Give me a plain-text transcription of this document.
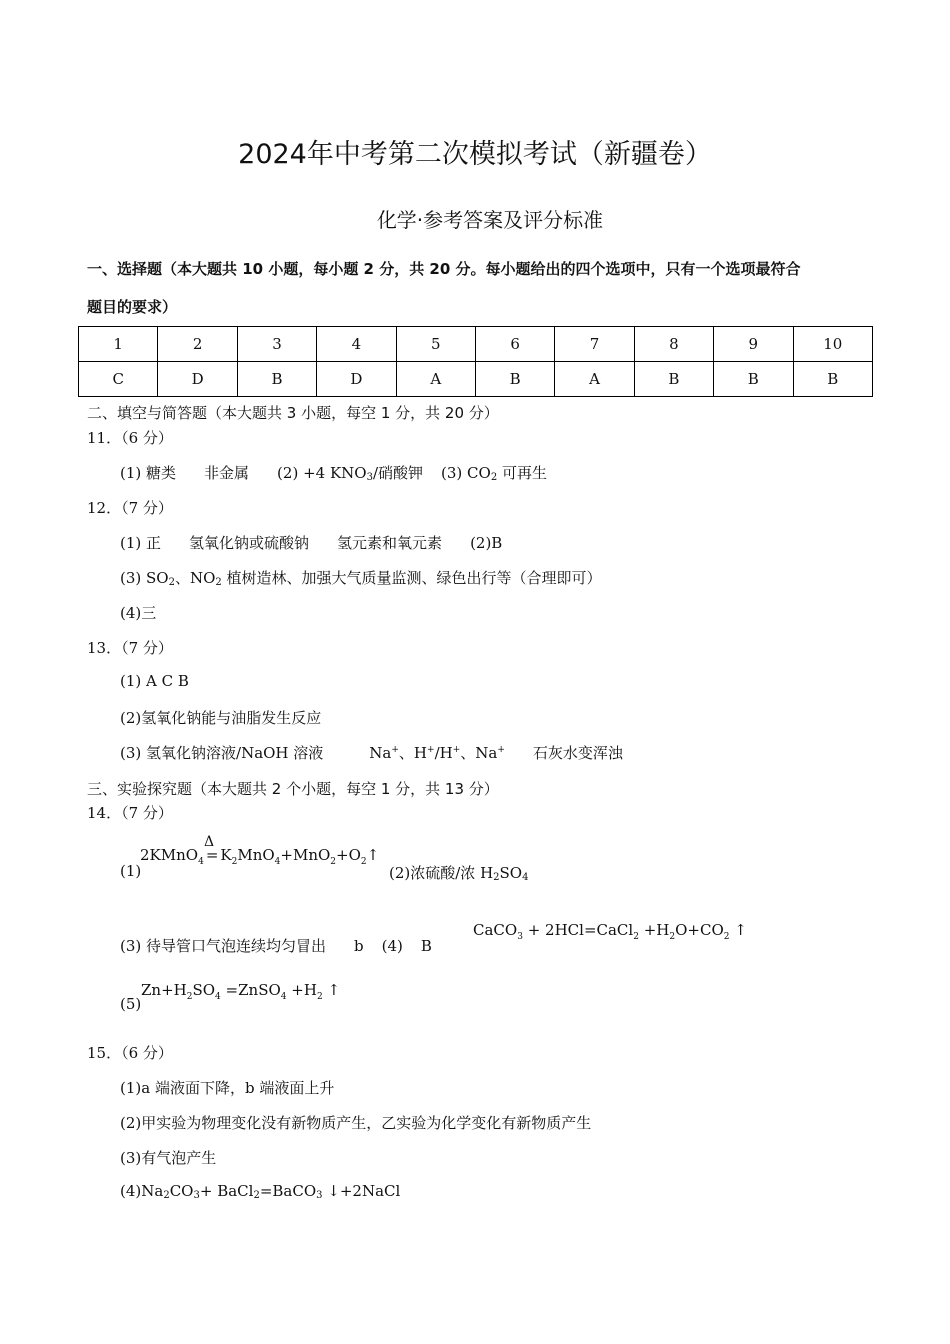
2024年中考第二次模拟考试（新疆卷）
化学·参考答案及评分标准
一、选择题（本大题共 10 小题，每小题 2 分，共 20 分。每小题给出的四个选项中，只有一个选项最符合
题目的要求）
1	2	3	4	5	6	7	8	9	10
C	D	B	D	A	B	A	B	B	B
二、填空与简答题（本大题共 3 小题，每空 1 分，共 20 分）
11．（6 分）
(1) 糖类 非金属 (2) +4 $KNO_3/$硝酸钾 (3) $CO_2$ 可再生
12．（7 分）
(1) 正 氢氧化钠或硫酸钠 氢元素和氧元素 (2)B
(3) $SO_2$、$NO_2$ 植树造林、加强大气质量监测、绿色出行等（合理即可）
(4)三
13．（7 分）
(1) A C B
(2)氢氧化钠能与油脂发生反应
(3) 氢氧化钠溶液/NaOH 溶液	Na+、H+/H+、Na+ 石灰水变浑浊
三、实验探究题（本大题共 2 个小题，每空 1 分，共 13 分）
14．（7 分）
(1)
Δ
2KMnO$_4$ = $K_2MnO_4+MnO_2+O_2↑$
(2)浓硫酸/浓 $H_2SO_4$
(3) 待导管口气泡连续均匀冒出 b (4) B
CaCO$_3$ + 2HCl=CaCl$_2$ $+H_2O+CO_2$ ↑
(5)
$Zn+H_2SO_4$ =ZnSO$_4$ $+H_2$ ↑
15．（6 分）
(1)a 端液面下降，b 端液面上升
(2)甲实验为物理变化没有新物质产生，乙实验为化学变化有新物质产生
(3)有气泡产生
$(4)Na_2CO_3+$ BaCl$_2$=BaCO$_3$ ↓+2NaCl
